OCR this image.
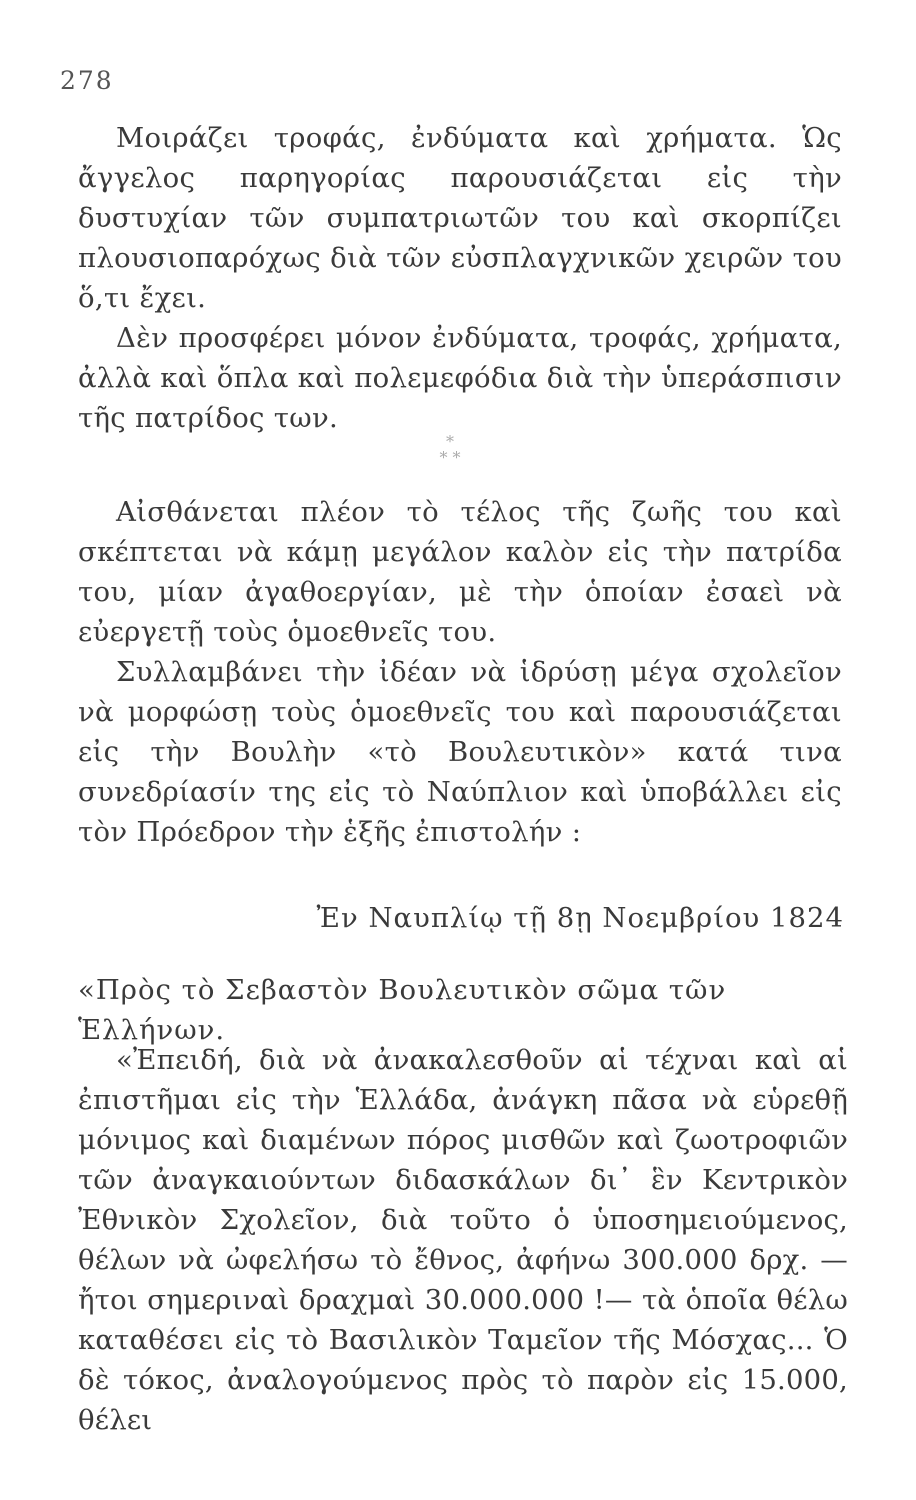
278

Μοιράζει τροφάς, ἐνδύματα καὶ χρήματα. Ὡς ἄγγελος παρηγορίας παρουσιάζεται εἰς τὴν δυστυχίαν τῶν συμπατριωτῶν του καὶ σκορπίζει πλουσιοπαρόχως διὰ τῶν εὐσπλαγχνικῶν χειρῶν του ὅ,τι ἔχει.

Δὲν προσφέρει μόνον ἐνδύματα, τροφάς, χρήματα, ἀλλὰ καὶ ὅπλα καὶ πολεμεφόδια διὰ τὴν ὑπεράσπισιν τῆς πατρίδος των.

*
* *

Αἰσθάνεται πλέον τὸ τέλος τῆς ζωῆς του καὶ σκέπτεται νὰ κάμῃ μεγάλον καλὸν εἰς τὴν πατρίδα του, μίαν ἀγαθοεργίαν, μὲ τὴν ὁποίαν ἐσαεὶ νὰ εὐεργετῇ τοὺς ὁμοεθνεῖς του.

Συλλαμβάνει τὴν ἰδέαν νὰ ἱδρύσῃ μέγα σχολεῖον νὰ μορφώσῃ τοὺς ὁμοεθνεῖς του καὶ παρουσιάζεται εἰς τὴν Βουλὴν «τὸ Βουλευτικὸν» κατά τινα συνεδρίασίν της εἰς τὸ Ναύπλιον καὶ ὑποβάλλει εἰς τὸν Πρόεδρον τὴν ἑξῆς ἐπιστολήν :

Ἐν Ναυπλίῳ τῇ 8ῃ Νοεμβρίου 1824
«Πρὸς τὸ Σεβαστὸν Βουλευτικὸν σῶμα τῶν Ἑλλήνων.

«Ἐπειδή, διὰ νὰ ἀνακαλεσθοῦν αἱ τέχναι καὶ αἱ ἐπιστῆμαι εἰς τὴν Ἑλλάδα, ἀνάγκη πᾶσα νὰ εὑρεθῇ μόνιμος καὶ διαμένων πόρος μισθῶν καὶ ζωοτροφιῶν τῶν ἀναγκαιούντων διδασκάλων δι᾽ ἓν Κεντρικὸν Ἐθνικὸν Σχολεῖον, διὰ τοῦτο ὁ ὑποσημειούμενος, θέλων νὰ ὠφελήσω τὸ ἔθνος, ἀφήνω 300.000 δρχ. —ἤτοι σημεριναὶ δραχμαὶ 30.000.000 !— τὰ ὁποῖα θέλω καταθέσει εἰς τὸ Βασιλικὸν Ταμεῖον τῆς Μόσχας... Ὁ δὲ τόκος, ἀναλογούμενος πρὸς τὸ παρὸν εἰς 15.000, θέλει
